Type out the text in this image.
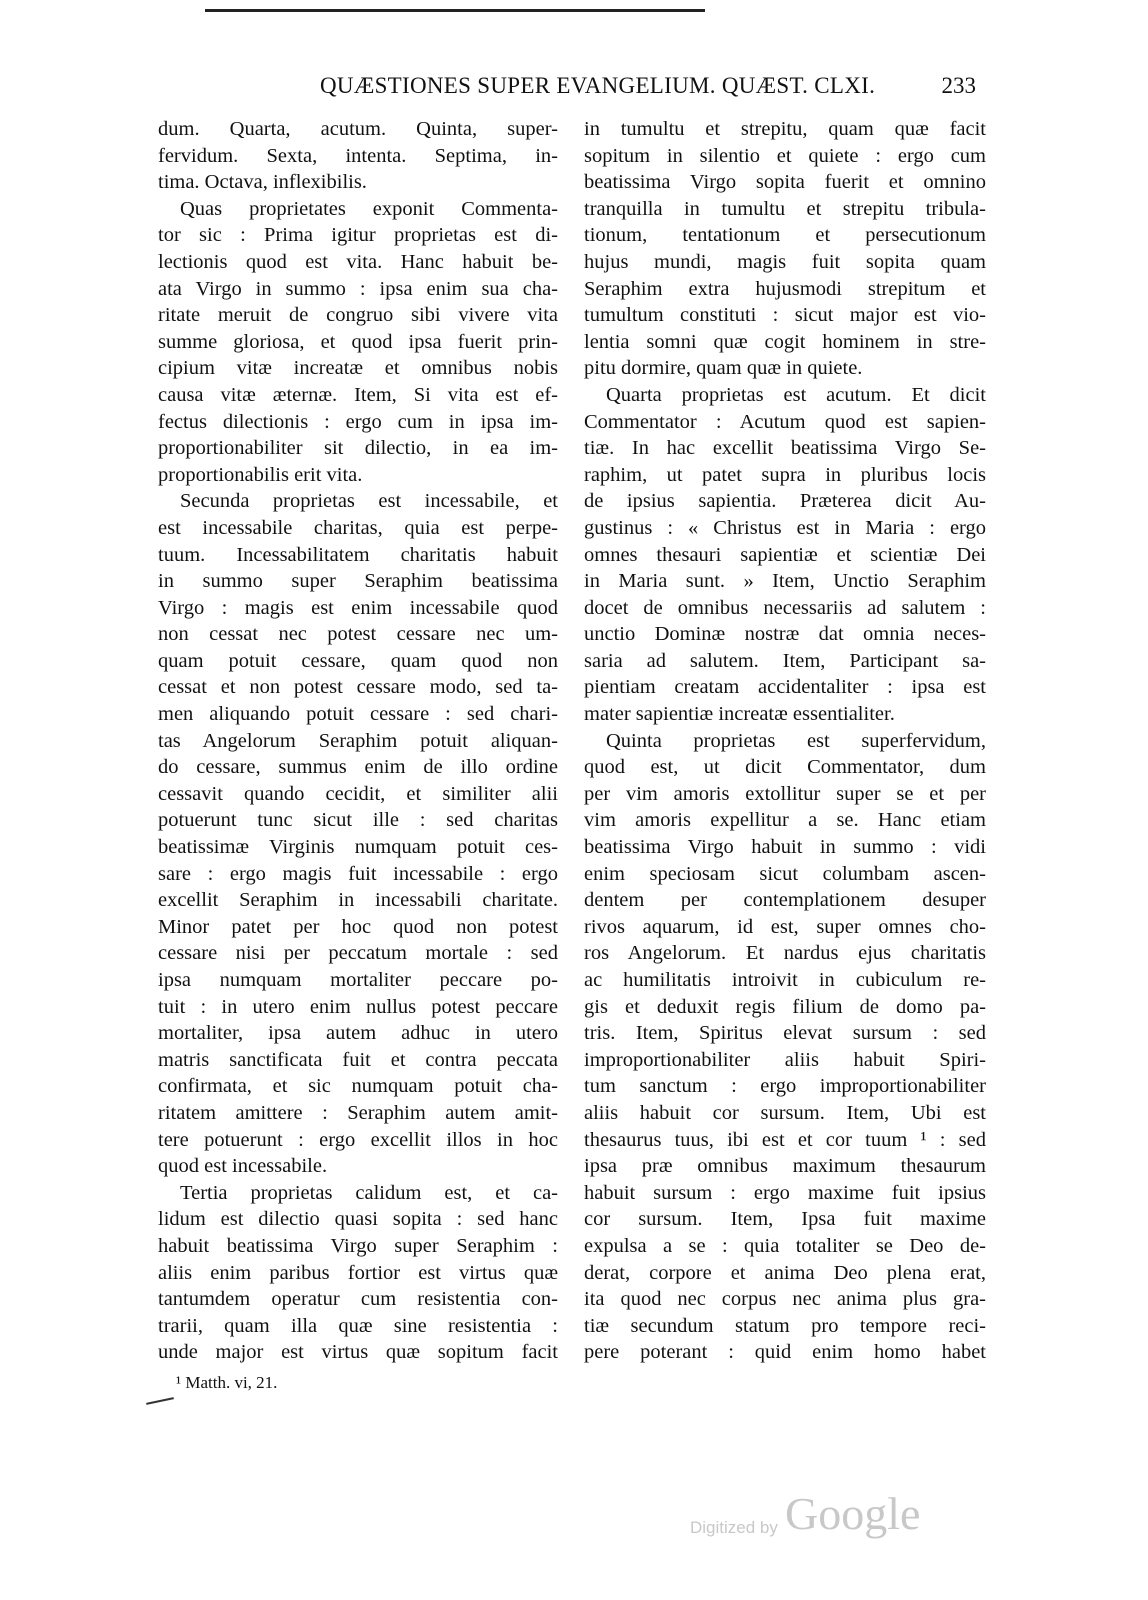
QUÆSTIONES SUPER EVANGELIUM. QUÆST. CLXI.	233
dum. Quarta, acutum. Quinta, super-
fervidum. Sexta, intenta. Septima, in-
tima. Octava, inflexibilis.
Quas proprietates exponit Commenta-
tor sic : Prima igitur proprietas est di-
lectionis quod est vita. Hanc habuit be-
ata Virgo in summo : ipsa enim sua cha-
ritate meruit de congruo sibi vivere vita
summe gloriosa, et quod ipsa fuerit prin-
cipium vitæ increatæ et omnibus nobis
causa vitæ æternæ. Item, Si vita est ef-
fectus dilectionis : ergo cum in ipsa im-
proportionabiliter sit dilectio, in ea im-
proportionabilis erit vita.
Secunda proprietas est incessabile, et
est incessabile charitas, quia est perpe-
tuum. Incessabilitatem charitatis habuit
in summo super Seraphim beatissima
Virgo : magis est enim incessabile quod
non cessat nec potest cessare nec um-
quam potuit cessare, quam quod non
cessat et non potest cessare modo, sed ta-
men aliquando potuit cessare : sed chari-
tas Angelorum Seraphim potuit aliquan-
do cessare, summus enim de illo ordine
cessavit quando cecidit, et similiter alii
potuerunt tunc sicut ille : sed charitas
beatissimæ Virginis numquam potuit ces-
sare : ergo magis fuit incessabile : ergo
excellit Seraphim in incessabili charitate.
Minor patet per hoc quod non potest
cessare nisi per peccatum mortale : sed
ipsa numquam mortaliter peccare po-
tuit : in utero enim nullus potest peccare
mortaliter, ipsa autem adhuc in utero
matris sanctificata fuit et contra peccata
confirmata, et sic numquam potuit cha-
ritatem amittere : Seraphim autem amit-
tere potuerunt : ergo excellit illos in hoc
quod est incessabile.
Tertia proprietas calidum est, et ca-
lidum est dilectio quasi sopita : sed hanc
habuit beatissima Virgo super Seraphim :
aliis enim paribus fortior est virtus quæ
tantumdem operatur cum resistentia con-
trarii, quam illa quæ sine resistentia :
unde major est virtus quæ sopitum facit
in tumultu et strepitu, quam quæ facit
sopitum in silentio et quiete : ergo cum
beatissima Virgo sopita fuerit et omnino
tranquilla in tumultu et strepitu tribula-
tionum, tentationum et persecutionum
hujus mundi, magis fuit sopita quam
Seraphim extra hujusmodi strepitum et
tumultum constituti : sicut major est vio-
lentia somni quæ cogit hominem in stre-
pitu dormire, quam quæ in quiete.
Quarta proprietas est acutum. Et dicit
Commentator : Acutum quod est sapien-
tiæ. In hac excellit beatissima Virgo Se-
raphim, ut patet supra in pluribus locis
de ipsius sapientia. Præterea dicit Au-
gustinus : « Christus est in Maria : ergo
omnes thesauri sapientiæ et scientiæ Dei
in Maria sunt. » Item, Unctio Seraphim
docet de omnibus necessariis ad salutem :
unctio Dominæ nostræ dat omnia neces-
saria ad salutem. Item, Participant sa-
pientiam creatam accidentaliter : ipsa est
mater sapientiæ increatæ essentialiter.
Quinta proprietas est superfervidum,
quod est, ut dicit Commentator, dum
per vim amoris extollitur super se et per
vim amoris expellitur a se. Hanc etiam
beatissima Virgo habuit in summo : vidi
enim speciosam sicut columbam ascen-
dentem per contemplationem desuper
rivos aquarum, id est, super omnes cho-
ros Angelorum. Et nardus ejus charitatis
ac humilitatis introivit in cubiculum re-
gis et deduxit regis filium de domo pa-
tris. Item, Spiritus elevat sursum : sed
improportionabiliter aliis habuit Spiri-
tum sanctum : ergo improportionabiliter
aliis habuit cor sursum. Item, Ubi est
thesaurus tuus, ibi est et cor tuum ¹ : sed
ipsa præ omnibus maximum thesaurum
habuit sursum : ergo maxime fuit ipsius
cor sursum. Item, Ipsa fuit maxime
expulsa a se : quia totaliter se Deo de-
derat, corpore et anima Deo plena erat,
ita quod nec corpus nec anima plus gra-
tiæ secundum statum pro tempore reci-
pere poterant : quid enim homo habet
¹ Matth. vi, 21.
Digitized by Google
